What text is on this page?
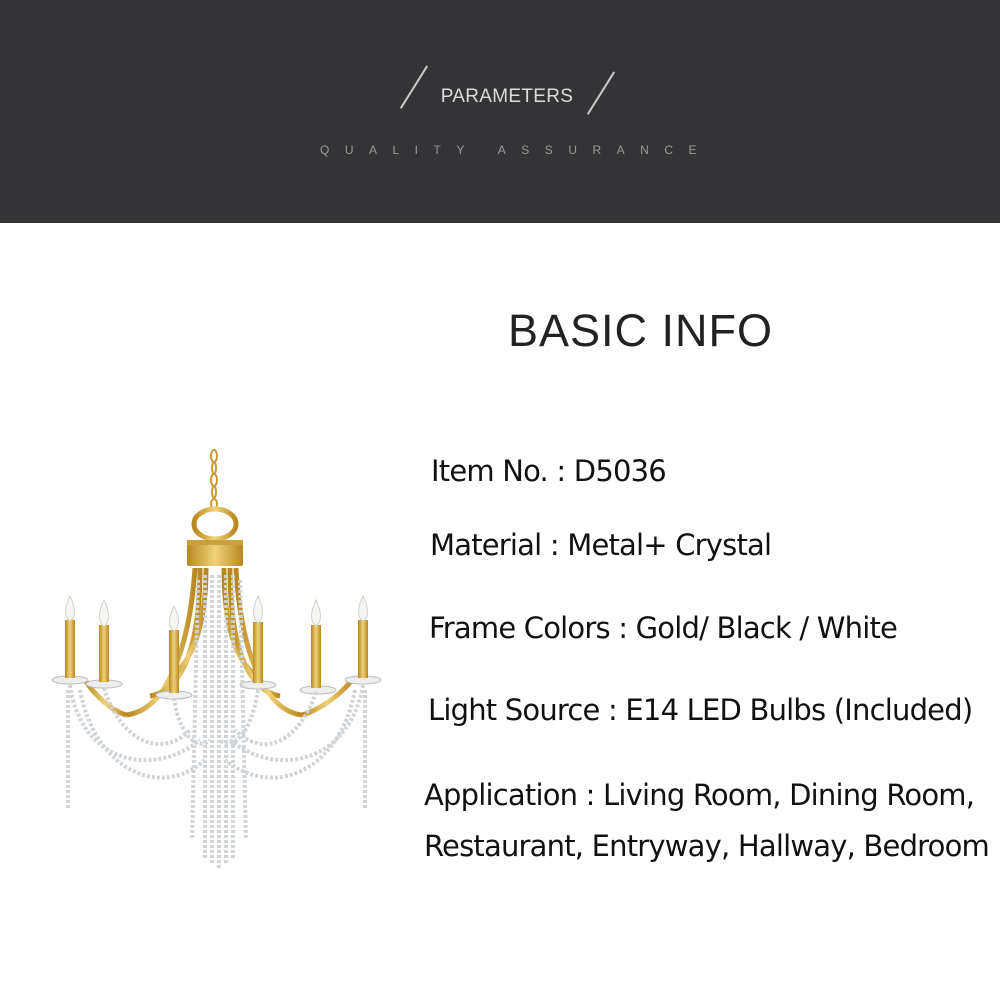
PARAMETERS
QUALITY ASSURANCE
BASIC INFO
Item No. : D5036
Material : Metal+ Crystal
Frame Colors : Gold/ Black / White
Light Source : E14 LED Bulbs (Included)
Application : Living Room, Dining Room,
Restaurant, Entryway, Hallway, Bedroom
